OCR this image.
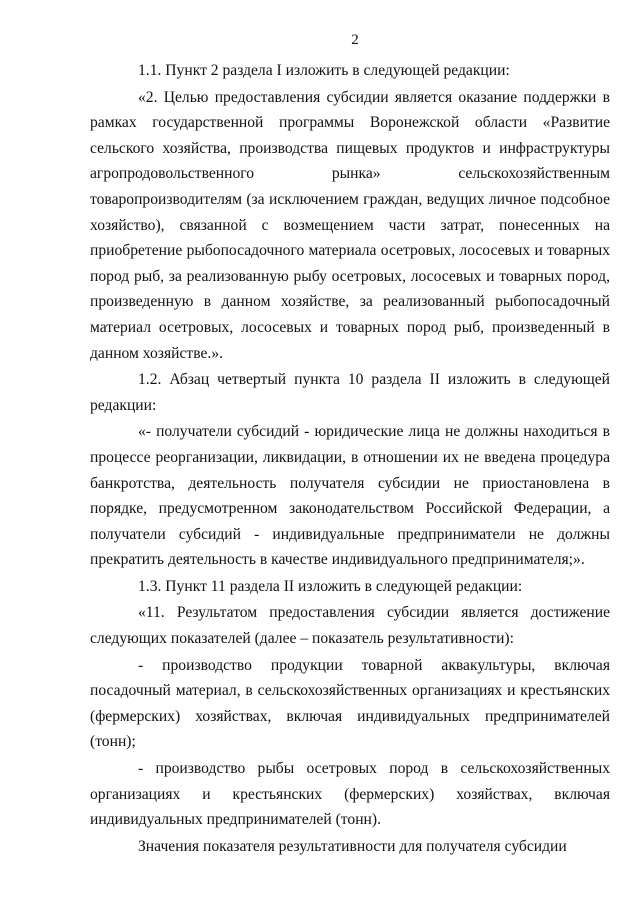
2

1.1. Пункт 2 раздела I изложить в следующей редакции:

«2. Целью предоставления субсидии является оказание поддержки в рамках государственной программы Воронежской области «Развитие сельского хозяйства, производства пищевых продуктов и инфраструктуры агропродовольственного рынка» сельскохозяйственным товаропроизводителям (за исключением граждан, ведущих личное подсобное хозяйство), связанной с возмещением части затрат, понесенных на приобретение рыбопосадочного материала осетровых, лососевых и товарных пород рыб, за реализованную рыбу осетровых, лососевых и товарных пород, произведенную в данном хозяйстве, за реализованный рыбопосадочный материал осетровых, лососевых и товарных пород рыб, произведенный в данном хозяйстве.».

1.2. Абзац четвертый пункта 10 раздела II изложить в следующей редакции:

«- получатели субсидий - юридические лица не должны находиться в процессе реорганизации, ликвидации, в отношении их не введена процедура банкротства, деятельность получателя субсидии не приостановлена в порядке, предусмотренном законодательством Российской Федерации, а получатели субсидий - индивидуальные предприниматели не должны прекратить деятельность в качестве индивидуального предпринимателя;».

1.3. Пункт 11 раздела II изложить в следующей редакции:

«11. Результатом предоставления субсидии является достижение следующих показателей (далее – показатель результативности):

- производство продукции товарной аквакультуры, включая посадочный материал, в сельскохозяйственных организациях и крестьянских (фермерских) хозяйствах, включая индивидуальных предпринимателей (тонн);

- производство рыбы осетровых пород в сельскохозяйственных организациях и крестьянских (фермерских) хозяйствах, включая индивидуальных предпринимателей (тонн).

Значения показателя результативности для получателя субсидии
